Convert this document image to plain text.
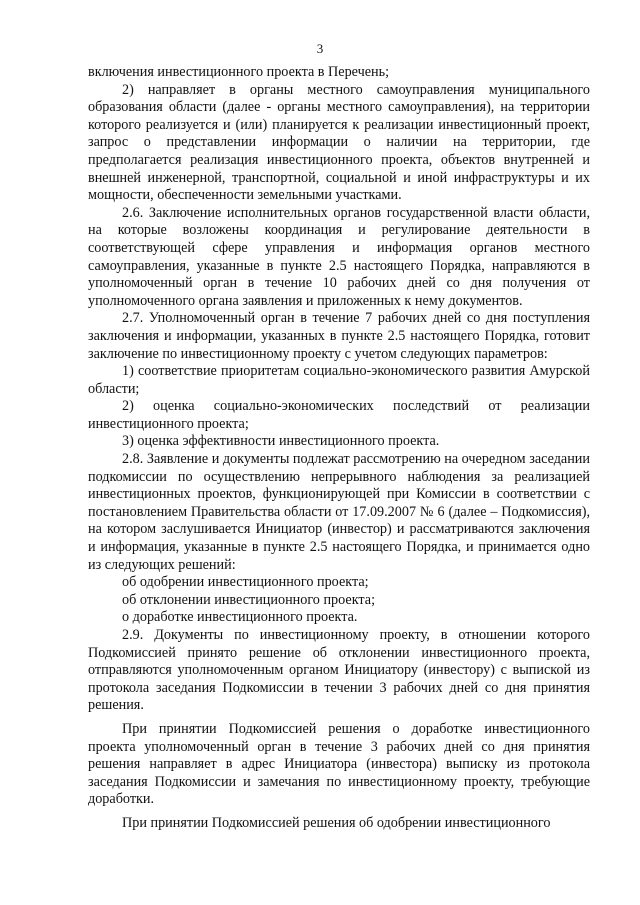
3

включения инвестиционного проекта в Перечень;

2) направляет в органы местного самоуправления муниципального образования области (далее - органы местного самоуправления), на территории которого реализуется и (или) планируется к реализации инвестиционный проект, запрос о представлении информации о наличии на территории, где предполагается реализация инвестиционного проекта, объектов внутренней и внешней инженерной, транспортной, социальной и иной инфраструктуры и их мощности, обеспеченности земельными участками.

2.6. Заключение исполнительных органов государственной власти области, на которые возложены координация и регулирование деятельности в соответствующей сфере управления и информация органов местного самоуправления, указанные в пункте 2.5 настоящего Порядка, направляются в уполномоченный орган в течение 10 рабочих дней со дня получения от уполномоченного органа заявления и приложенных к нему документов.

2.7. Уполномоченный орган в течение 7 рабочих дней со дня поступления заключения и информации, указанных в пункте 2.5 настоящего Порядка, готовит заключение по инвестиционному проекту с учетом следующих параметров:

1) соответствие приоритетам социально-экономического развития Амурской области;

2) оценка социально-экономических последствий от реализации инвестиционного проекта;

3) оценка эффективности инвестиционного проекта.

2.8. Заявление и документы подлежат рассмотрению на очередном заседании подкомиссии по осуществлению непрерывного наблюдения за реализацией инвестиционных проектов, функционирующей при Комиссии в соответствии с постановлением Правительства области от 17.09.2007 № 6 (далее – Подкомиссия), на котором заслушивается Инициатор (инвестор) и рассматриваются заключения и информация, указанные в пункте 2.5 настоящего Порядка, и принимается одно из следующих решений:

об одобрении инвестиционного проекта;

об отклонении инвестиционного проекта;

о доработке инвестиционного проекта.

2.9. Документы по инвестиционному проекту, в отношении которого Подкомиссией принято решение об отклонении инвестиционного проекта, отправляются уполномоченным органом Инициатору (инвестору) с выпиской из протокола заседания Подкомиссии в течении 3 рабочих дней со дня принятия решения.

При принятии Подкомиссией решения о доработке инвестиционного проекта уполномоченный орган в течение 3 рабочих дней со дня принятия решения направляет в адрес Инициатора (инвестора) выписку из протокола заседания Подкомиссии и замечания по инвестиционному проекту, требующие доработки.

При принятии Подкомиссией решения об одобрении инвестиционного
